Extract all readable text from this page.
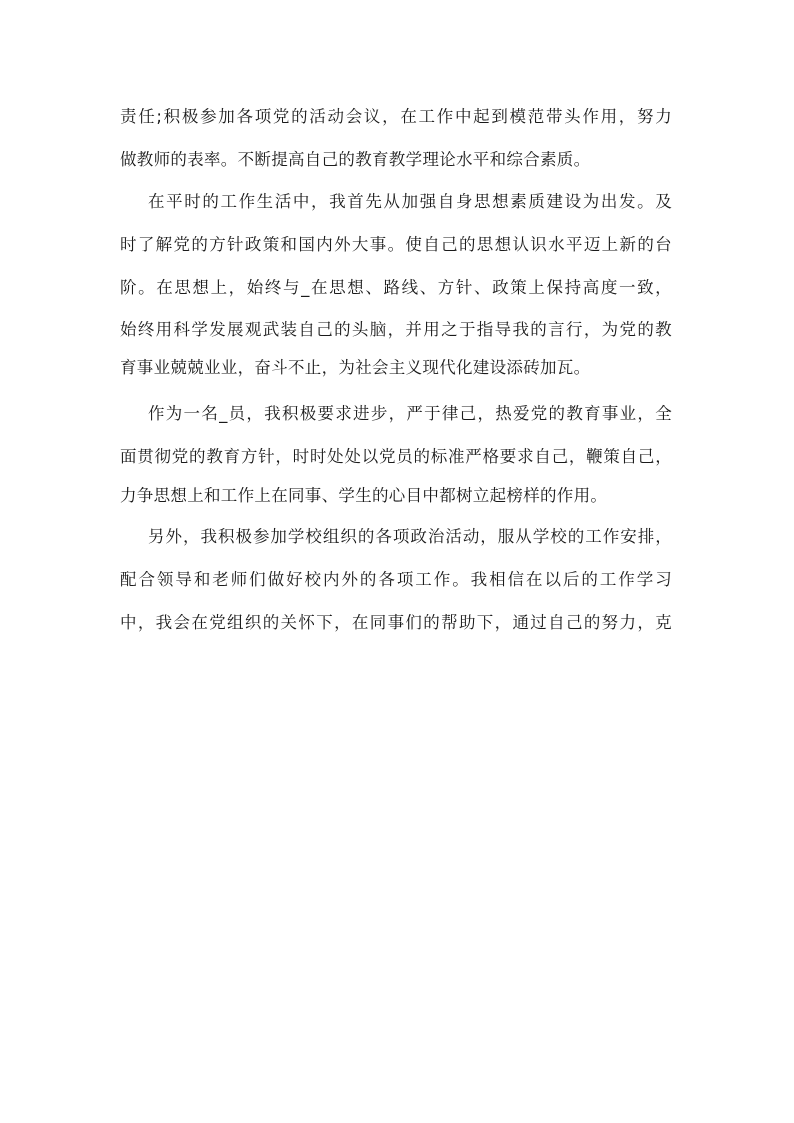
责任;积极参加各项党的活动会议，在工作中起到模范带头作用，努力
做教师的表率。不断提高自己的教育教学理论水平和综合素质。
在平时的工作生活中，我首先从加强自身思想素质建设为出发。及
时了解党的方针政策和国内外大事。使自己的思想认识水平迈上新的台
阶。在思想上，始终与_在思想、路线、方针、政策上保持高度一致，
始终用科学发展观武装自己的头脑，并用之于指导我的言行，为党的教
育事业兢兢业业，奋斗不止，为社会主义现代化建设添砖加瓦。
作为一名_员，我积极要求进步，严于律己，热爱党的教育事业，全
面贯彻党的教育方针，时时处处以党员的标准严格要求自己，鞭策自己，
力争思想上和工作上在同事、学生的心目中都树立起榜样的作用。
另外，我积极参加学校组织的各项政治活动，服从学校的工作安排，
配合领导和老师们做好校内外的各项工作。我相信在以后的工作学习
中，我会在党组织的关怀下，在同事们的帮助下，通过自己的努力，克
